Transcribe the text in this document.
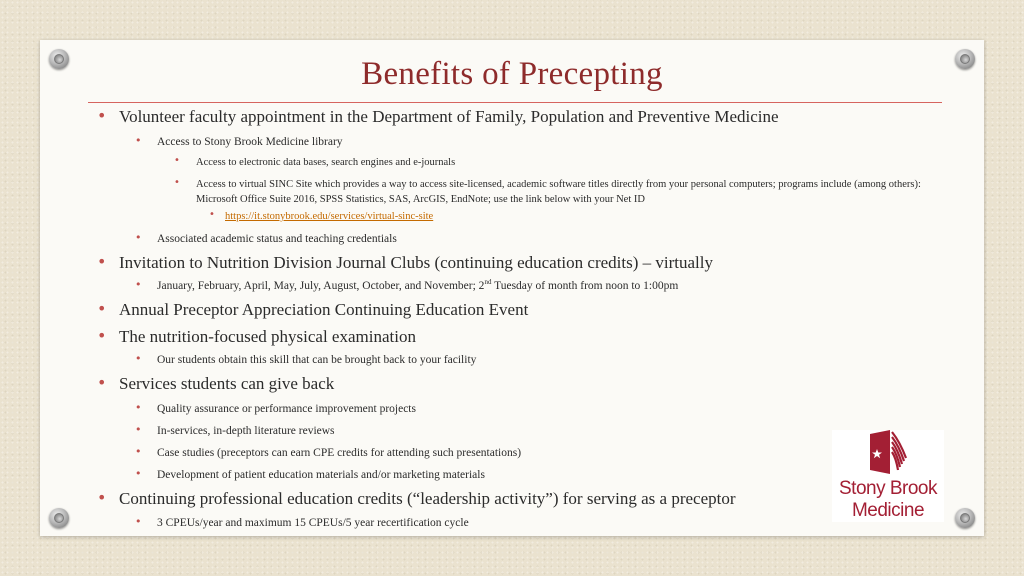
Benefits of Precepting
• Volunteer faculty appointment in the Department of Family, Population and Preventive Medicine
• Access to Stony Brook Medicine library
• Access to electronic data bases, search engines and e-journals
• Access to virtual SINC Site which provides a way to access site-licensed, academic software titles directly from your personal computers; programs include (among others): Microsoft Office Suite 2016, SPSS Statistics, SAS, ArcGIS, EndNote; use the link below with your Net ID
• https://it.stonybrook.edu/services/virtual-sinc-site
• Associated academic status and teaching credentials
• Invitation to Nutrition Division Journal Clubs (continuing education credits) – virtually
• January, February, April, May, July, August, October, and November; 2nd Tuesday of month from noon to 1:00pm
• Annual Preceptor Appreciation Continuing Education Event
• The nutrition-focused physical examination
• Our students obtain this skill that can be brought back to your facility
• Services students can give back
• Quality assurance or performance improvement projects
• In-services, in-depth literature reviews
• Case studies (preceptors can earn CPE credits for attending such presentations)
• Development of patient education materials and/or marketing materials
• Continuing professional education credits (“leadership activity”) for serving as a preceptor
• 3 CPEUs/year and maximum 15 CPEUs/5 year recertification cycle
Stony Brook
Medicine
